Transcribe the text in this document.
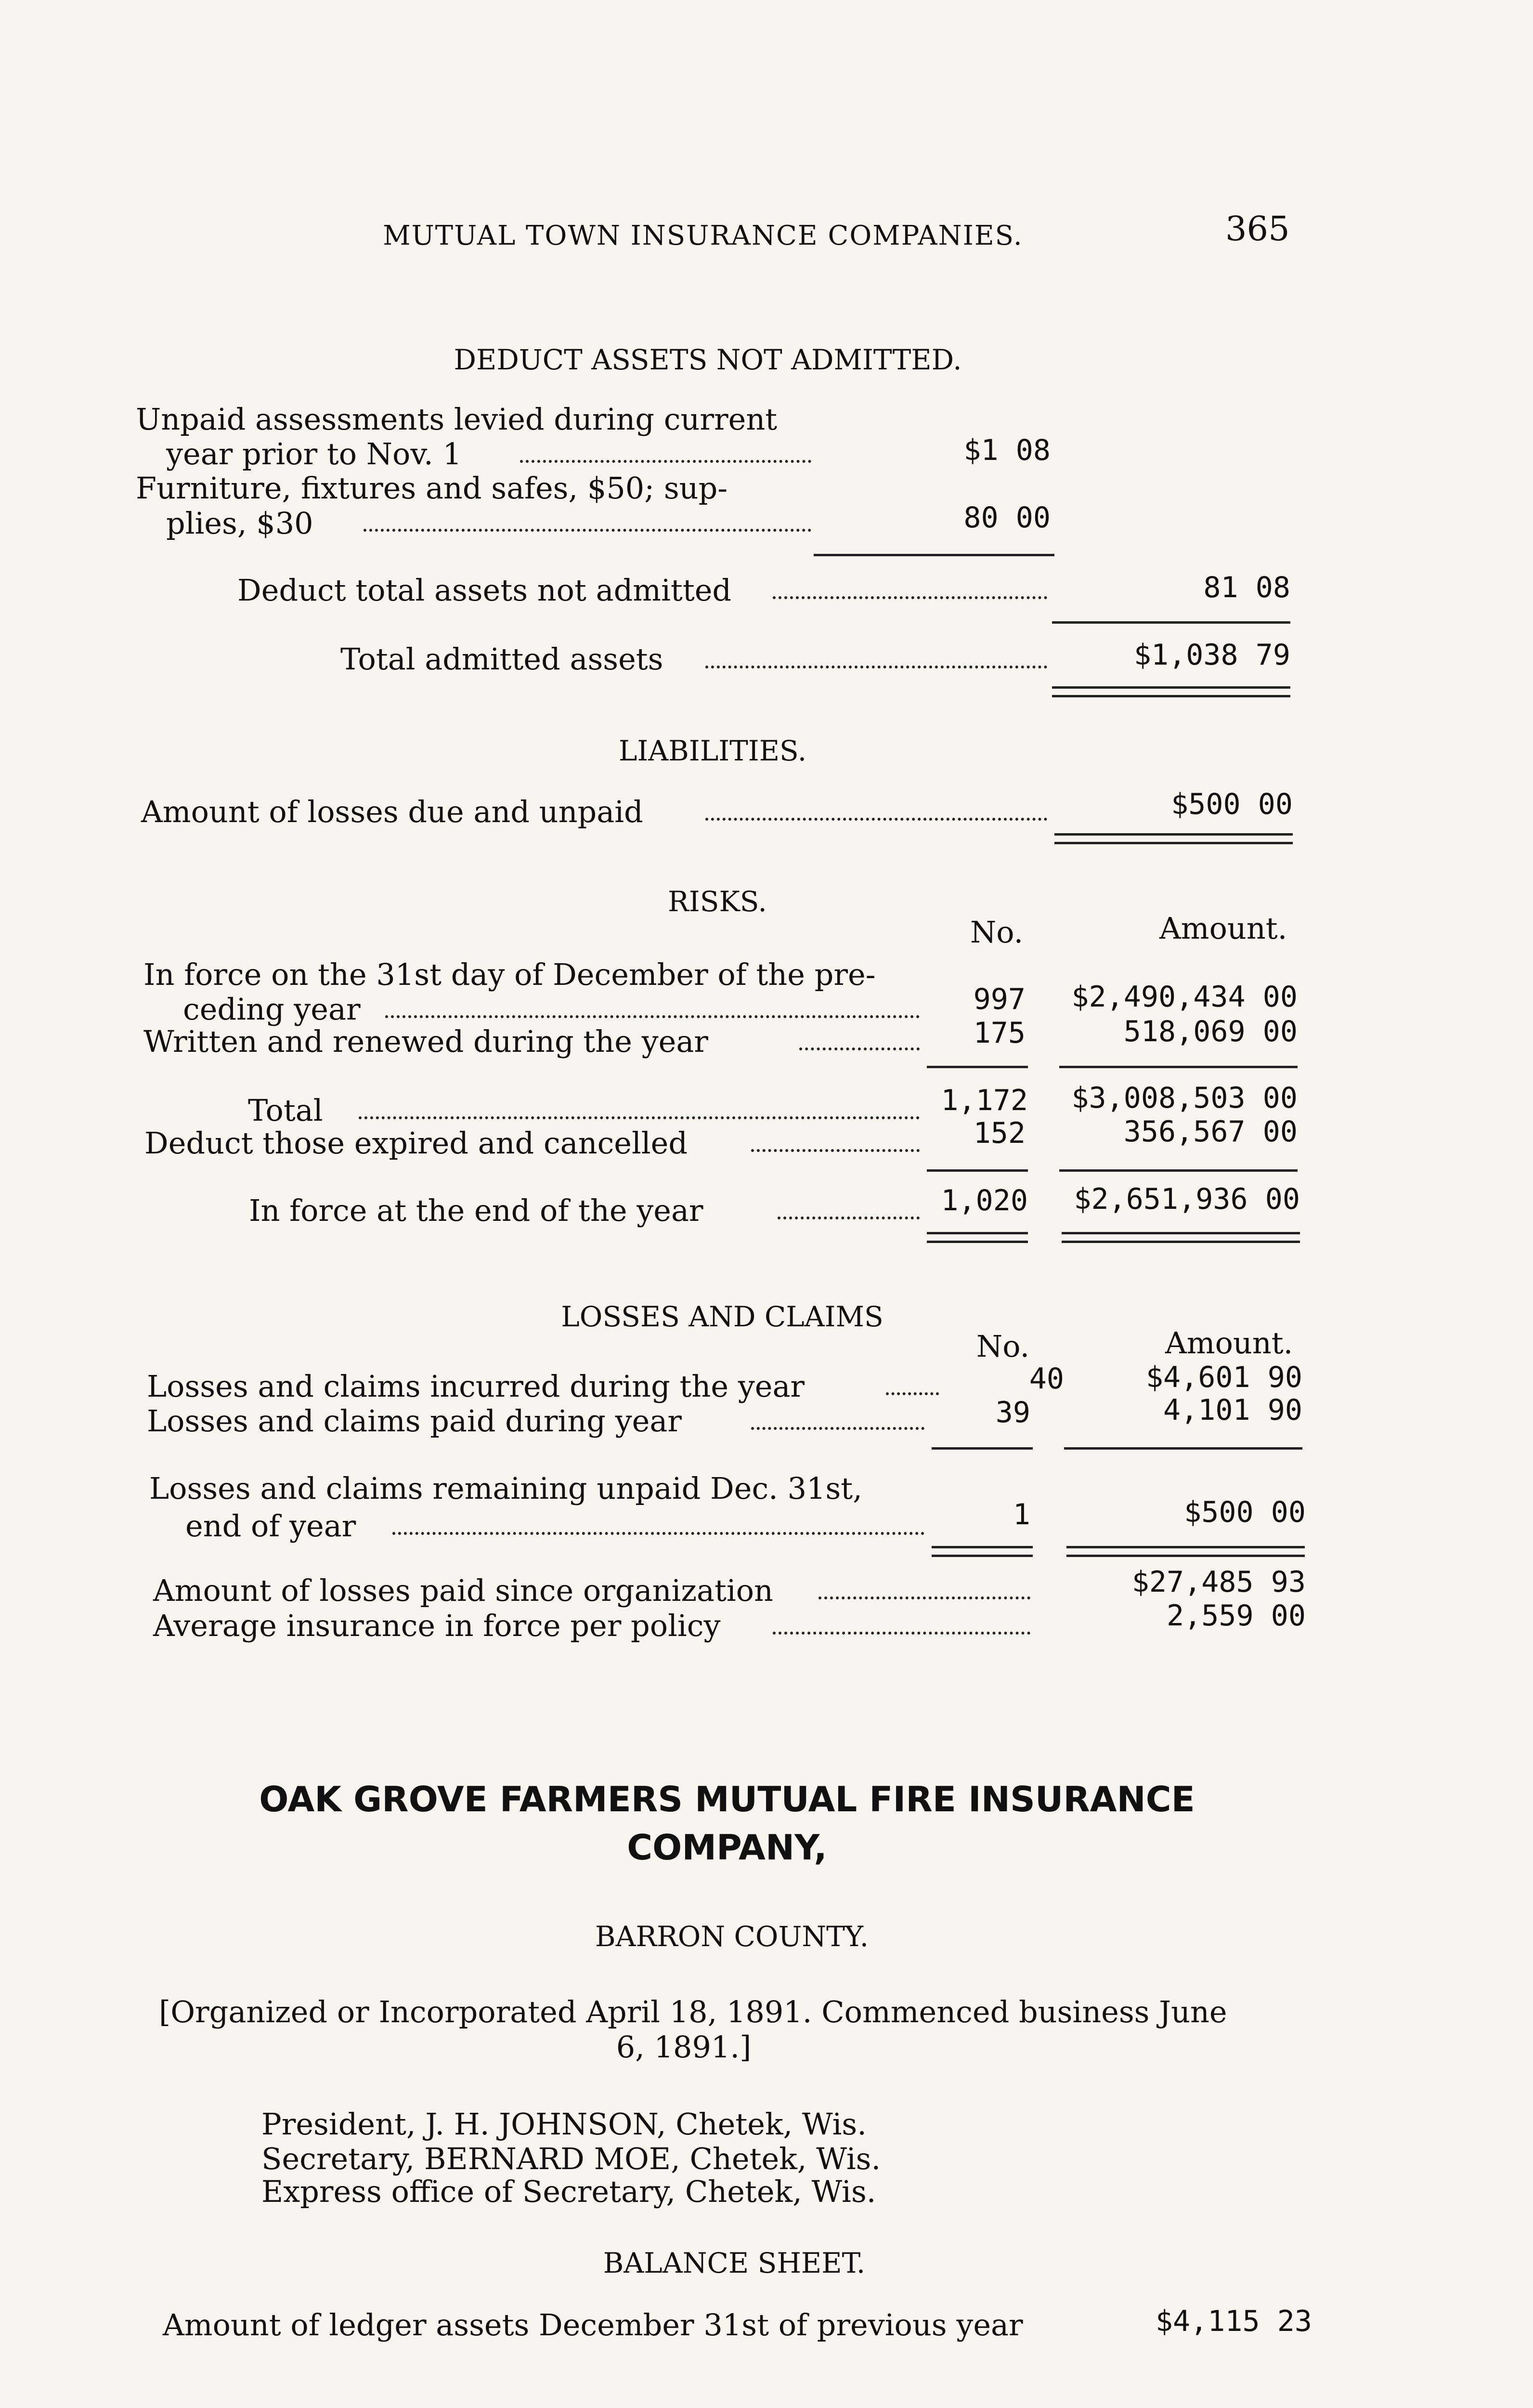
MUTUAL TOWN INSURANCE COMPANIES.	365
DEDUCT ASSETS NOT ADMITTED.
Unpaid assessments levied during current
year prior to Nov. 1	$1 08
Furniture, fixtures and safes, $50; sup-
plies, $30	80 00
Deduct total assets not admitted	81 08
Total admitted assets	$1,038 79
LIABILITIES.
Amount of losses due and unpaid	$500 00
RISKS.
No.	Amount.
In force on the 31st day of December of the pre-
ceding year	997 $2,490,434 00
Written and renewed during the year	175	518,069 00
Total	1,172 $3,008,503 00
Deduct those expired and cancelled	152	356,567 00
In force at the end of the year	1,020 $2,651,936 00
LOSSES AND CLAIMS
No.	Amount.
Losses and claims incurred during the year	40	$4,601 90
Losses and claims paid during year	39	4,101 90
Losses and claims remaining unpaid Dec. 31st,
end of year	1	$500 00
Amount of losses paid since organization	$27,485 93
Average insurance in force per policy	2,559 00
OAK GROVE FARMERS MUTUAL FIRE INSURANCE
COMPANY,
BARRON COUNTY.
[Organized or Incorporated April 18, 1891. Commenced business June
6, 1891.]
President, J. H. JOHNSON, Chetek, Wis.
Secretary, BERNARD MOE, Chetek, Wis.
Express office of Secretary, Chetek, Wis.
BALANCE SHEET.
Amount of ledger assets December 31st of previous year	$4,115 23
